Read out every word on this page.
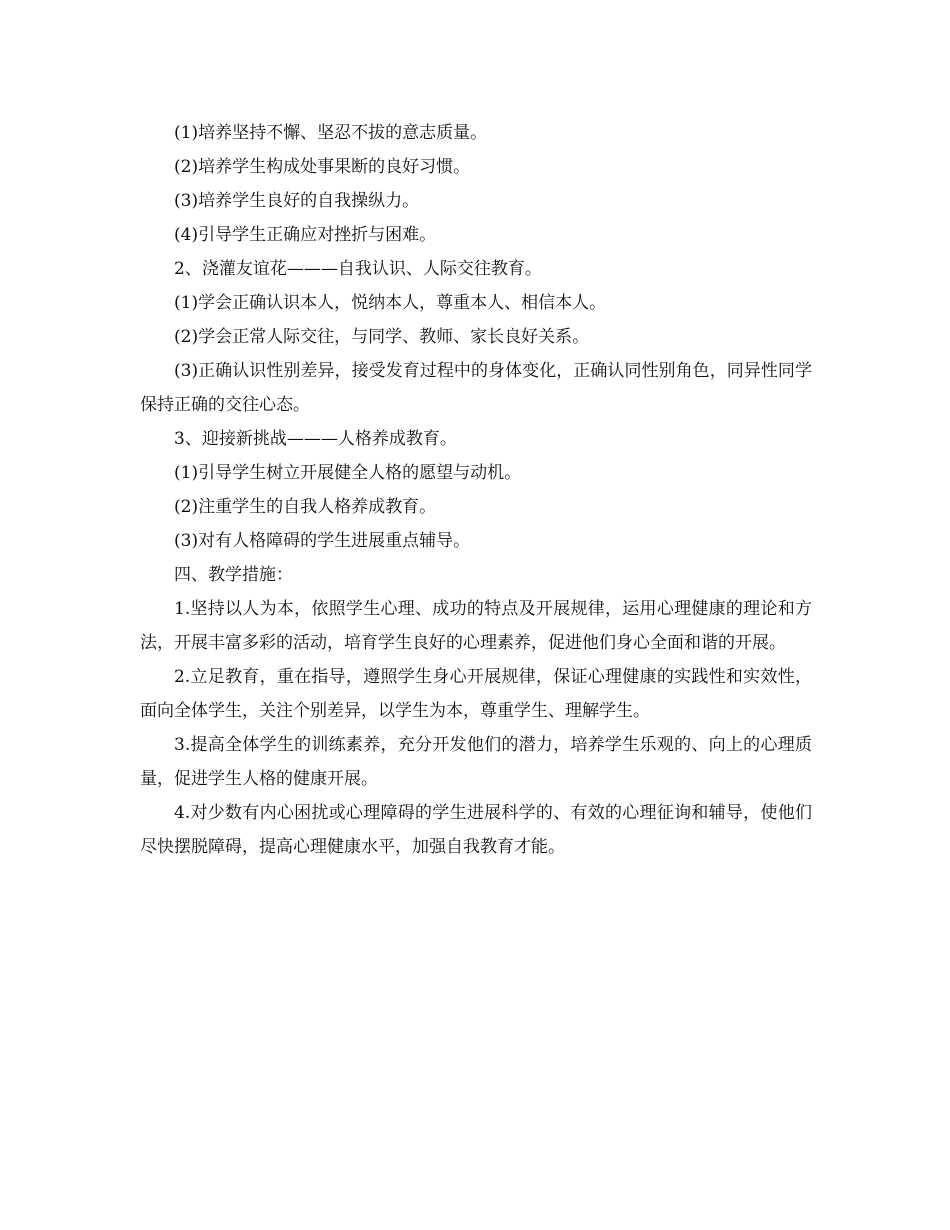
(1)培养坚持不懈、坚忍不拔的意志质量。

(2)培养学生构成处事果断的良好习惯。

(3)培养学生良好的自我操纵力。

(4)引导学生正确应对挫折与困难。

2、浇灌友谊花———自我认识、人际交往教育。

(1)学会正确认识本人，悦纳本人，尊重本人、相信本人。

(2)学会正常人际交往，与同学、教师、家长良好关系。

(3)正确认识性别差异，接受发育过程中的身体变化，正确认同性别角色，同异性同学保持正确的交往心态。

3、迎接新挑战———人格养成教育。

(1)引导学生树立开展健全人格的愿望与动机。

(2)注重学生的自我人格养成教育。

(3)对有人格障碍的学生进展重点辅导。

四、教学措施：

1.坚持以人为本，依照学生心理、成功的特点及开展规律，运用心理健康的理论和方法，开展丰富多彩的活动，培育学生良好的心理素养，促进他们身心全面和谐的开展。

2.立足教育，重在指导，遵照学生身心开展规律，保证心理健康的实践性和实效性，面向全体学生，关注个别差异，以学生为本，尊重学生、理解学生。

3.提高全体学生的训练素养，充分开发他们的潜力，培养学生乐观的、向上的心理质量，促进学生人格的健康开展。

4.对少数有内心困扰或心理障碍的学生进展科学的、有效的心理征询和辅导，使他们尽快摆脱障碍，提高心理健康水平，加强自我教育才能。
